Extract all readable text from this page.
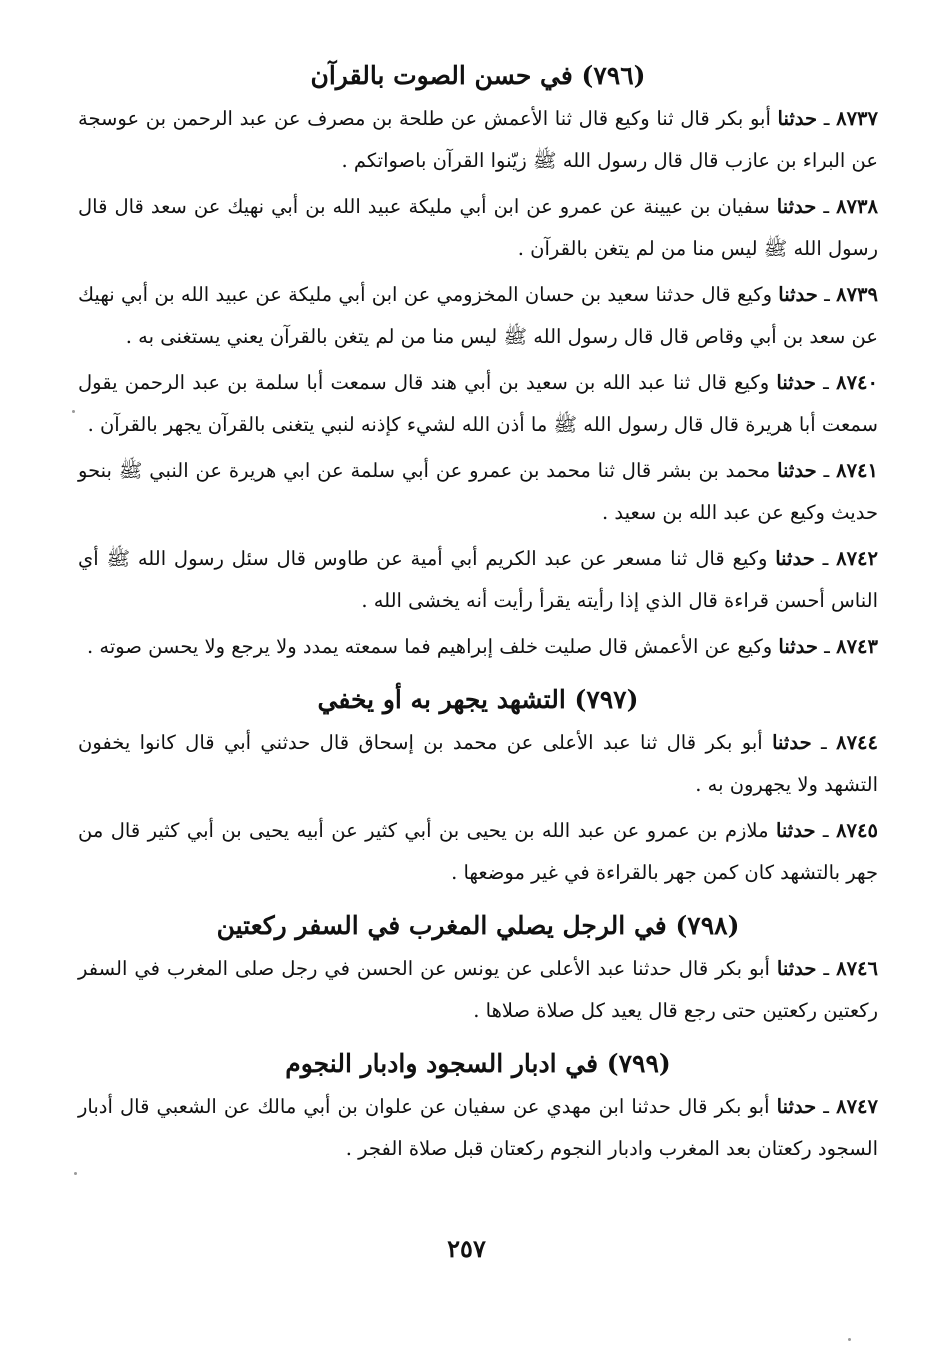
(٧٩٦) في حسن الصوت بالقرآن

٨٧٣٧ ـ حدثنا أبو بكر قال ثنا وكيع قال ثنا الأعمش عن طلحة بن مصرف عن عبد الرحمن بن عوسجة عن البراء بن عازب قال قال رسول الله ﷺ زيّنوا القرآن باصواتكم .

٨٧٣٨ ـ حدثنا سفيان بن عيينة عن عمرو عن ابن أبي مليكة عبيد الله بن أبي نهيك عن سعد قال قال رسول الله ﷺ ليس منا من لم يتغن بالقرآن .

٨٧٣٩ ـ حدثنا وكيع قال حدثنا سعيد بن حسان المخزومي عن ابن أبي مليكة عن عبيد الله بن أبي نهيك عن سعد بن أبي وقاص قال قال رسول الله ﷺ ليس منا من لم يتغن بالقرآن يعني يستغنى به .

٨٧٤٠ ـ حدثنا وكيع قال ثنا عبد الله بن سعيد بن أبي هند قال سمعت أبا سلمة بن عبد الرحمن يقول سمعت أبا هريرة قال قال رسول الله ﷺ ما أذن الله لشيء كإذنه لنبي يتغنى بالقرآن يجهر بالقرآن .

٨٧٤١ ـ حدثنا محمد بن بشر قال ثنا محمد بن عمرو عن أبي سلمة عن ابي هريرة عن النبي ﷺ بنحو حديث وكيع عن عبد الله بن سعيد .

٨٧٤٢ ـ حدثنا وكيع قال ثنا مسعر عن عبد الكريم أبي أمية عن طاوس قال سئل رسول الله ﷺ أي الناس أحسن قراءة قال الذي إذا رأيته يقرأ رأيت أنه يخشى الله .

٨٧٤٣ ـ حدثنا وكيع عن الأعمش قال صليت خلف إبراهيم فما سمعته يمدد ولا يرجع ولا يحسن صوته .

(٧٩٧) التشهد يجهر به أو يخفي

٨٧٤٤ ـ حدثنا أبو بكر قال ثنا عبد الأعلى عن محمد بن إسحاق قال حدثني أبي قال كانوا يخفون التشهد ولا يجهرون به .

٨٧٤٥ ـ حدثنا ملازم بن عمرو عن عبد الله بن يحيى بن أبي كثير عن أبيه يحيى بن أبي كثير قال من جهر بالتشهد كان كمن جهر بالقراءة في غير موضعها .

(٧٩٨) في الرجل يصلي المغرب في السفر ركعتين

٨٧٤٦ ـ حدثنا أبو بكر قال حدثنا عبد الأعلى عن يونس عن الحسن في رجل صلى المغرب في السفر ركعتين ركعتين حتى رجع قال يعيد كل صلاة صلاها .

(٧٩٩) في ادبار السجود وادبار النجوم

٨٧٤٧ ـ حدثنا أبو بكر قال حدثنا ابن مهدي عن سفيان عن علوان بن أبي مالك عن الشعبي قال أدبار السجود ركعتان بعد المغرب وادبار النجوم ركعتان قبل صلاة الفجر .

٢٥٧
